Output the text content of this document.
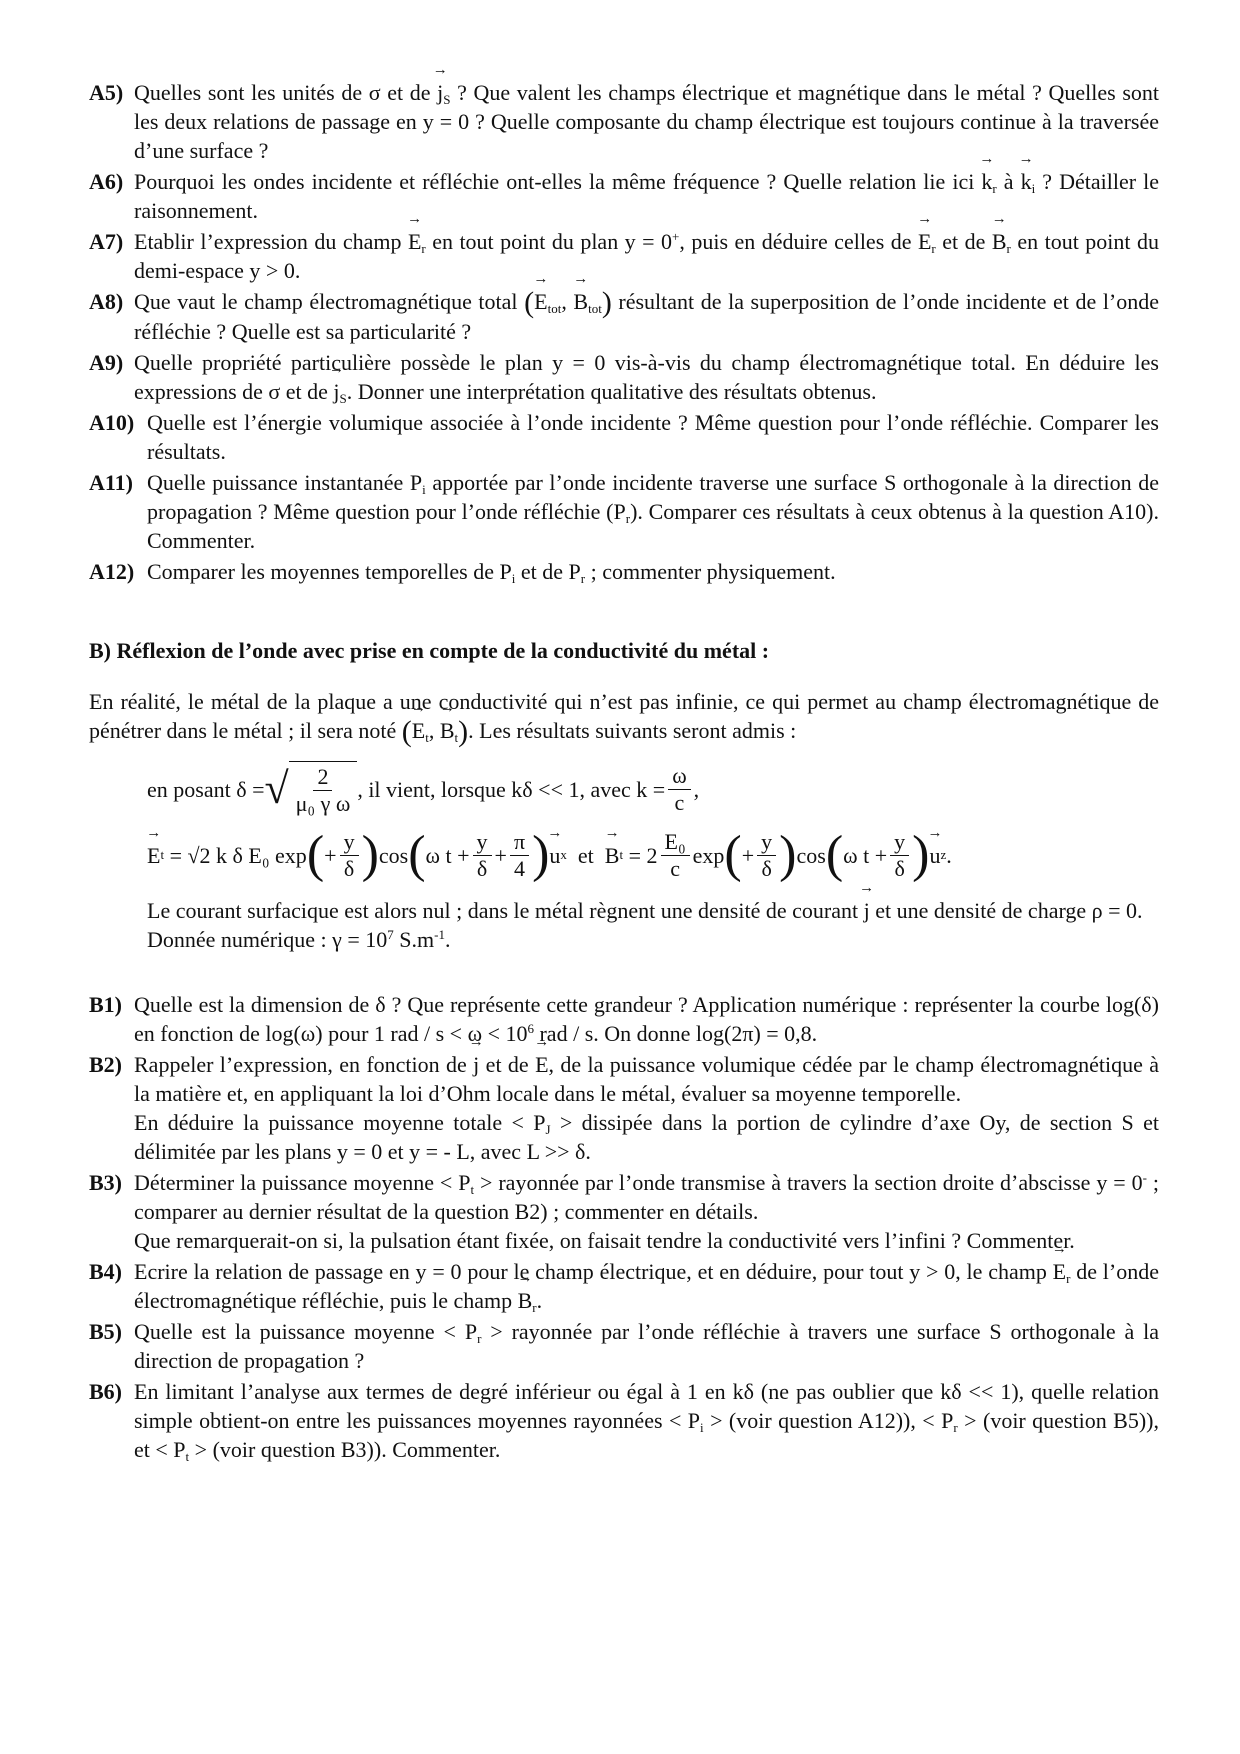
A5) Quelles sont les unités de σ et de → $j_S$ ? Que valent les champs électrique et magnétique dans le métal ? Quelles sont les deux relations de passage en y = 0 ? Quelle composante du champ électrique est toujours continue à la traversée d’une surface ?
A6) Pourquoi les ondes incidente et réfléchie ont-elles la même fréquence ? Quelle relation lie ici → $k_r$ à → $k_i$ ? Détailler le raisonnement.
A7) Etablir l’expression du champ → $E_r$ en tout point du plan y = 0+, puis en déduire celles de → $E_r$ et de → $B_r$ en tout point du demi-espace y > 0.
A8) Que vaut le champ électromagnétique total (→ $E_{tot}$, → $B_{tot}$) résultant de la superposition de l’onde incidente et de l’onde réfléchie ? Quelle est sa particularité ?
A9) Quelle propriété particulière possède le plan y = 0 vis-à-vis du champ électromagnétique total. En déduire les expressions de σ et de → $j_S$. Donner une interprétation qualitative des résultats obtenus.
A10) Quelle est l’énergie volumique associée à l’onde incidente ? Même question pour l’onde réfléchie. Comparer les résultats.
A11) Quelle puissance instantanée $P_i$ apportée par l’onde incidente traverse une surface S orthogonale à la direction de propagation ? Même question pour l’onde réfléchie $(P_r)$. Comparer ces résultats à ceux obtenus à la question A10). Commenter.
A12) Comparer les moyennes temporelles de $P_i$ et de $P_r$ ; commenter physiquement.
B) Réflexion de l’onde avec prise en compte de la conductivité du métal :
En réalité, le métal de la plaque a une conductivité qui n’est pas infinie, ce qui permet au champ électromagnétique de pénétrer dans le métal ; il sera noté (→ $E_t$, → $B_t$). Les résultats suivants seront admis :
en posant δ = √ $\frac{2}{\text{μ₀ γ ω}}$ , il vient, lorsque kδ << 1, avec $k = \frac{\omega}{c}$ ,
→ E t
= √2 k δ E₀ exp ( + $\frac{y}{\delta}$ ) cos ( ω $t + \frac{y}{\delta} + \frac{\pi}{4}$ ) → u x
et
→ B t
= $2 \frac{\text{E₀}}{c}$ exp ( + $\frac{y}{\delta}$ ) cos ( ω $t + \frac{y}{\delta}$ ) → u z .
Le courant surfacique est alors nul ; dans le métal règnent une densité de courant → j et une densité de charge ρ = 0.
Donnée numérique : $\gamma = 10^7$ $S.m^{-1}$.
B1) Quelle est la dimension de δ ? Que représente cette grandeur ? Application numérique : représenter la courbe log(δ) en fonction de log(ω) pour 1 rad / $s < \omega < 10^6$ rad / s. On donne log(2π) = 0,8.
B2) Rappeler l’expression, en fonction de → j et de → E, de la puissance volumique cédée par le champ électromagnétique à la matière et, en appliquant la loi d’Ohm locale dans le métal, évaluer sa moyenne temporelle.

En déduire la puissance moyenne totale < $P_J$ > dissipée dans la portion de cylindre d’axe Oy, de section S et délimitée par les plans y = 0 et y = - L, avec L >> δ.

B3) Déterminer la puissance moyenne < $P_t$ > rayonnée par l’onde transmise à travers la section droite d’abscisse y = 0- ; comparer au dernier résultat de la question B2) ; commenter en détails.

Que remarquerait-on si, la pulsation étant fixée, on faisait tendre la conductivité vers l’infini ? Commenter.

B4) Ecrire la relation de passage en y = 0 pour le champ électrique, et en déduire, pour tout y > 0, le champ → $E_r$ de l’onde électromagnétique réfléchie, puis le champ → $B_r$.
B5) Quelle est la puissance moyenne < $P_r$ > rayonnée par l’onde réfléchie à travers une surface S orthogonale à la direction de propagation ?
B6) En limitant l’analyse aux termes de degré inférieur ou égal à 1 en kδ (ne pas oublier que kδ << 1), quelle relation simple obtient-on entre les puissances moyennes rayonnées < $P_i$ > (voir question A12)), < $P_r$ > (voir question B5)), et < $P_t$ > (voir question B3)). Commenter.
